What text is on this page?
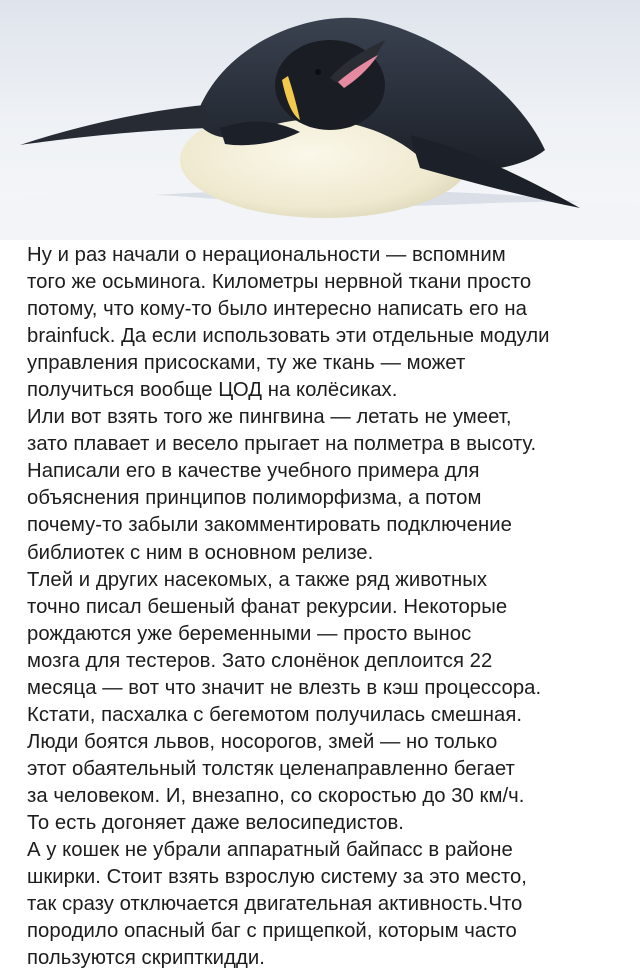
Ну и раз начали о нерациональности — вспомним
того же осьминога. Километры нервной ткани просто
потому, что кому-то было интересно написать его на
brainfuck. Да если использовать эти отдельные модули
управления присосками, ту же ткань — может
получиться вообще ЦОД на колёсиках.
Или вот взять того же пингвина — летать не умеет,
зато плавает и весело прыгает на полметра в высоту.
Написали его в качестве учебного примера для
объяснения принципов полиморфизма, а потом
почему-то забыли закомментировать подключение
библиотек с ним в основном релизе.
Тлей и других насекомых, а также ряд животных
точно писал бешеный фанат рекурсии. Некоторые
рождаются уже беременными — просто вынос
мозга для тестеров. Зато слонёнок деплоится 22
месяца — вот что значит не влезть в кэш процессора.
Кстати, пасхалка с бегемотом получилась смешная.
Люди боятся львов, носорогов, змей — но только
этот обаятельный толстяк целенаправленно бегает
за человеком. И, внезапно, со скоростью до 30 км/ч.
То есть догоняет даже велосипедистов.
А у кошек не убрали аппаратный байпасс в районе
шкирки. Стоит взять взрослую систему за это место,
так сразу отключается двигательная активность.Что
породило опасный баг с прищепкой, которым часто
пользуются скрипткидди.
